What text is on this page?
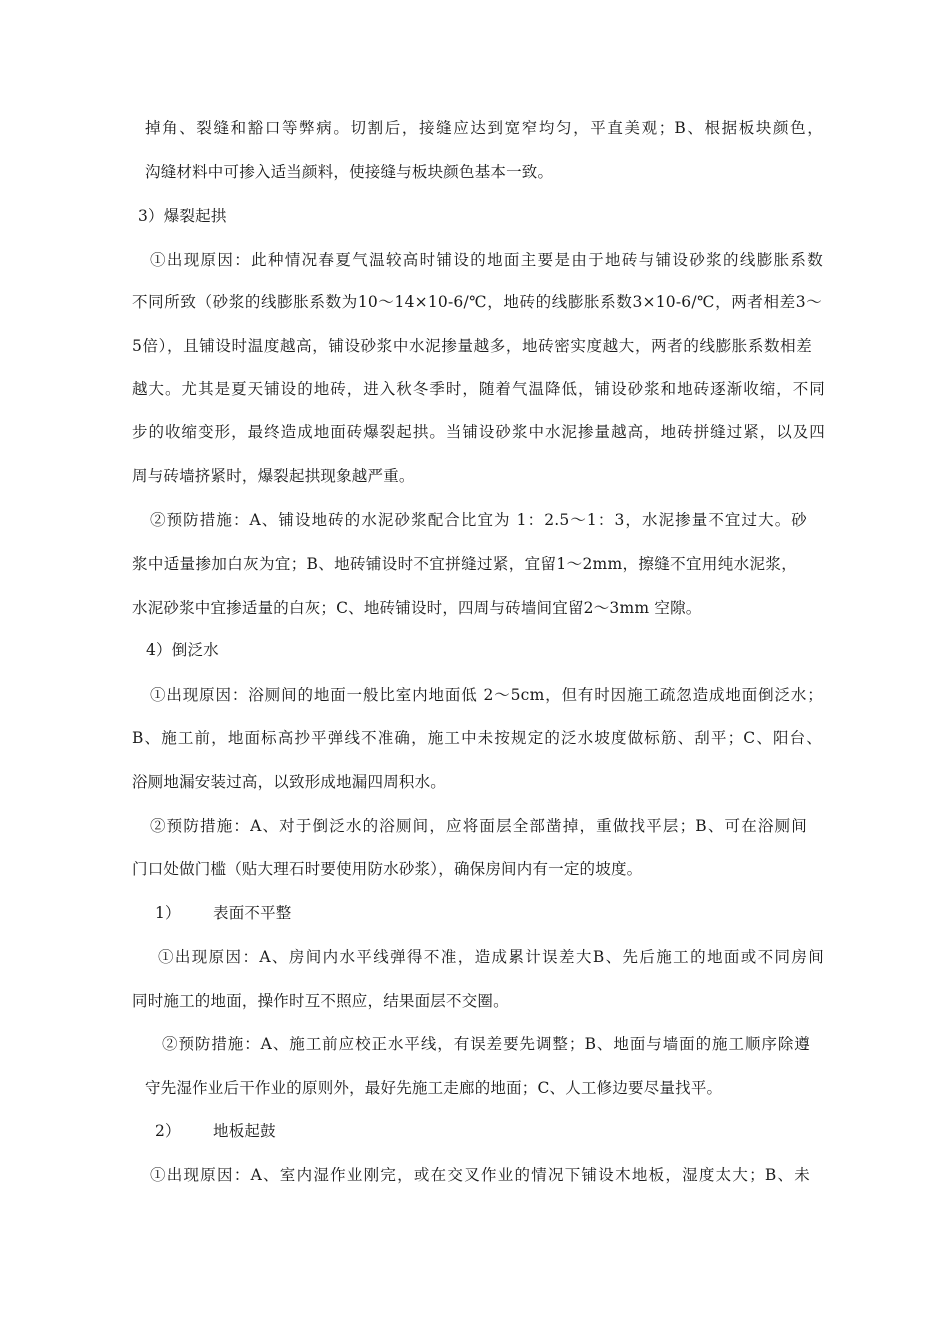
掉角、裂缝和豁口等弊病。切割后，接缝应达到宽窄均匀，平直美观；B、根据板块颜色，
沟缝材料中可掺入适当颜料，使接缝与板块颜色基本一致。
3）爆裂起拱
①出现原因：此种情况春夏气温较高时铺设的地面主要是由于地砖与铺设砂浆的线膨胀系数
不同所致（砂浆的线膨胀系数为10～14×10-6/℃，地砖的线膨胀系数3×10-6/℃，两者相差3～
5倍），且铺设时温度越高，铺设砂浆中水泥掺量越多，地砖密实度越大，两者的线膨胀系数相差
越大。尤其是夏天铺设的地砖，进入秋冬季时，随着气温降低，铺设砂浆和地砖逐渐收缩，不同
步的收缩变形，最终造成地面砖爆裂起拱。当铺设砂浆中水泥掺量越高，地砖拼缝过紧，以及四
周与砖墙挤紧时，爆裂起拱现象越严重。
②预防措施：A、铺设地砖的水泥砂浆配合比宜为 1：2.5～1：3，水泥掺量不宜过大。砂
浆中适量掺加白灰为宜；B、地砖铺设时不宜拼缝过紧，宜留1～2mm，擦缝不宜用纯水泥浆，
水泥砂浆中宜掺适量的白灰；C、地砖铺设时，四周与砖墙间宜留2～3mm 空隙。
4）倒泛水
①出现原因：浴厕间的地面一般比室内地面低 2～5cm，但有时因施工疏忽造成地面倒泛水；
B、施工前，地面标高抄平弹线不准确，施工中未按规定的泛水坡度做标筋、刮平；C、阳台、
浴厕地漏安装过高，以致形成地漏四周积水。
②预防措施：A、对于倒泛水的浴厕间，应将面层全部凿掉，重做找平层；B、可在浴厕间
门口处做门槛（贴大理石时要使用防水砂浆），确保房间内有一定的坡度。
1） 表面不平整
①出现原因：A、房间内水平线弹得不准，造成累计误差大B、先后施工的地面或不同房间
同时施工的地面，操作时互不照应，结果面层不交圈。
②预防措施：A、施工前应校正水平线，有误差要先调整；B、地面与墙面的施工顺序除遵
守先湿作业后干作业的原则外，最好先施工走廊的地面；C、人工修边要尽量找平。
2） 地板起鼓
①出现原因：A、室内湿作业刚完，或在交叉作业的情况下铺设木地板，湿度太大；B、未
